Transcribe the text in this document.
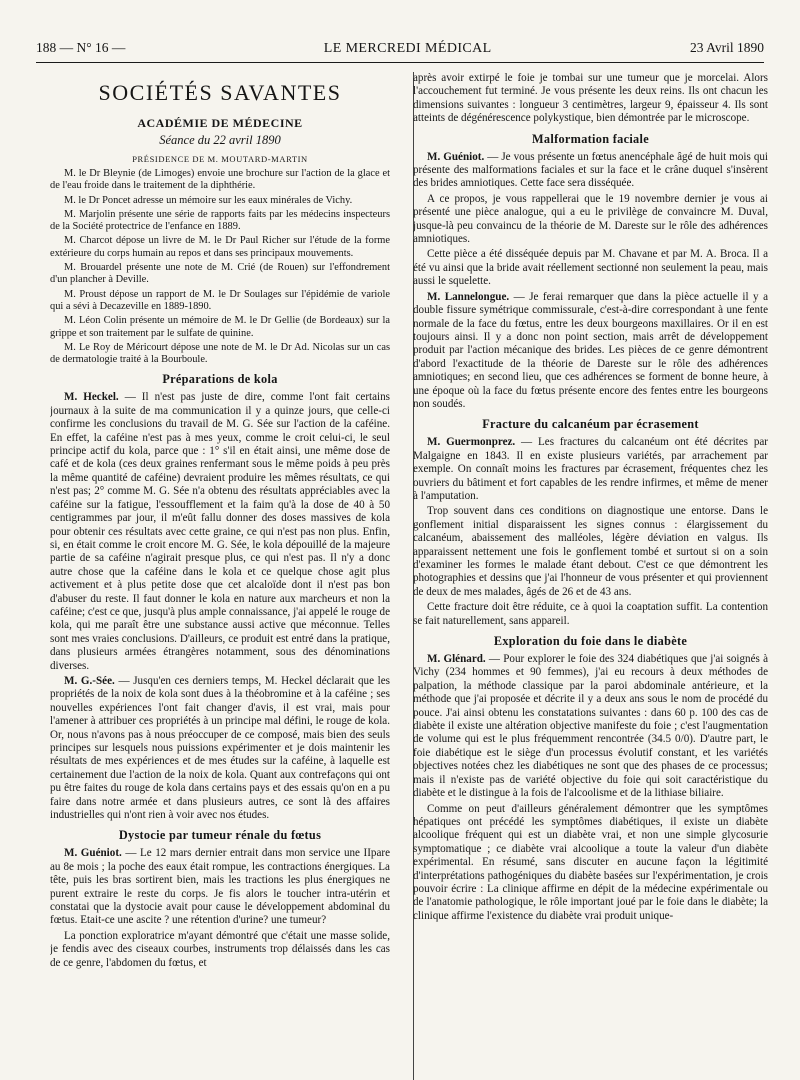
188 — N° 16 —	LE MERCREDI MÉDICAL	23 Avril 1890
SOCIÉTÉS SAVANTES
ACADÉMIE DE MÉDECINE
Séance du 22 avril 1890
PRÉSIDENCE DE M. MOUTARD-MARTIN

M. le Dr Bleynie (de Limoges) envoie une brochure sur l'action de la glace et de l'eau froide dans le traitement de la diphthérie.

M. le Dr Poncet adresse un mémoire sur les eaux minérales de Vichy.

M. Marjolin présente une série de rapports faits par les médecins inspecteurs de la Société protectrice de l'enfance en 1889.

M. Charcot dépose un livre de M. le Dr Paul Richer sur l'étude de la forme extérieure du corps humain au repos et dans ses principaux mouvements.

M. Brouardel présente une note de M. Crié (de Rouen) sur l'effondrement d'un plancher à Deville.

M. Proust dépose un rapport de M. le Dr Soulages sur l'épidémie de variole qui a sévi à Decazeville en 1889-1890.

M. Léon Colin présente un mémoire de M. le Dr Gellie (de Bordeaux) sur la grippe et son traitement par le sulfate de quinine.

M. Le Roy de Méricourt dépose une note de M. le Dr Ad. Nicolas sur un cas de dermatologie traité à la Bourboule.

Préparations de kola

M. Heckel. — Il n'est pas juste de dire, comme l'ont fait certains journaux à la suite de ma communication il y a quinze jours, que celle-ci confirme les conclusions du travail de M. G. Sée sur l'action de la caféine. En effet, la caféine n'est pas à mes yeux, comme le croit celui-ci, le seul principe actif du kola, parce que : 1° s'il en était ainsi, une même dose de café et de kola (ces deux graines renfermant sous le même poids à peu près la même quantité de caféine) devraient produire les mêmes résultats, ce qui n'est pas; 2° comme M. G. Sée n'a obtenu des résultats appréciables avec la caféine sur la fatigue, l'essoufflement et la faim qu'à la dose de 40 à 50 centigrammes par jour, il m'eût fallu donner des doses massives de kola pour obtenir ces résultats avec cette graine, ce qui n'est pas non plus. Enfin, si, en était comme le croit encore M. G. Sée, le kola dépouillé de la majeure partie de sa caféine n'agirait presque plus, ce qui n'est pas. Il n'y a donc autre chose que la caféine dans le kola et ce quelque chose agit plus activement et à plus petite dose que cet alcaloïde dont il n'est pas bon d'abuser du reste. Il faut donner le kola en nature aux marcheurs et non la caféine; c'est ce que, jusqu'à plus ample connaissance, j'ai appelé le rouge de kola, qui me paraît être une substance aussi active que méconnue. Telles sont mes vraies conclusions. D'ailleurs, ce produit est entré dans la pratique, dans plusieurs armées étrangères notamment, sous des dénominations diverses.

M. G.-Sée. — Jusqu'en ces derniers temps, M. Heckel déclarait que les propriétés de la noix de kola sont dues à la théobromine et à la caféine ; ses nouvelles expériences l'ont fait changer d'avis, il est vrai, mais pour l'amener à attribuer ces propriétés à un principe mal défini, le rouge de kola. Or, nous n'avons pas à nous préoccuper de ce composé, mais bien des seuls principes sur lesquels nous puissions expérimenter et je dois maintenir les résultats de mes expériences et de mes études sur la caféine, à laquelle est certainement due l'action de la noix de kola. Quant aux contrefaçons qui ont pu être faites du rouge de kola dans certains pays et des essais qu'on en a pu faire dans notre armée et dans plusieurs autres, ce sont là des affaires industrielles qui n'ont rien à voir avec nos études.

Dystocie par tumeur rénale du fœtus

M. Guéniot. — Le 12 mars dernier entrait dans mon service une IIpare au 8e mois ; la poche des eaux était rompue, les contractions énergiques. La tête, puis les bras sortirent bien, mais les tractions les plus énergiques ne purent extraire le reste du corps. Je fis alors le toucher intra-utérin et constatai que la dystocie avait pour cause le développement abdominal du fœtus. Etait-ce une ascite ? une rétention d'urine? une tumeur?

La ponction exploratrice m'ayant démontré que c'était une masse solide, je fendis avec des ciseaux courbes, instruments trop délaissés dans les cas de ce genre, l'abdomen du fœtus, et

après avoir extirpé le foie je tombai sur une tumeur que je morcelai. Alors l'accouchement fut terminé. Je vous présente les deux reins. Ils ont chacun les dimensions suivantes : longueur 3 centimètres, largeur 9, épaisseur 4. Ils sont atteints de dégénérescence polykystique, bien démontrée par le microscope.

Malformation faciale

M. Guéniot. — Je vous présente un fœtus anencéphale âgé de huit mois qui présente des malformations faciales et sur la face et le crâne duquel s'insèrent des brides amniotiques. Cette face sera disséquée.

A ce propos, je vous rappellerai que le 19 novembre dernier je vous ai présenté une pièce analogue, qui a eu le privilège de convaincre M. Duval, jusque-là peu convaincu de la théorie de M. Dareste sur le rôle des adhérences amniotiques.

Cette pièce a été disséquée depuis par M. Chavane et par M. A. Broca. Il a été vu ainsi que la bride avait réellement sectionné non seulement la peau, mais aussi le squelette.

M. Lannelongue. — Je ferai remarquer que dans la pièce actuelle il y a double fissure symétrique commissurale, c'est-à-dire correspondant à une fente normale de la face du fœtus, entre les deux bourgeons maxillaires. Or il en est toujours ainsi. Il y a donc non point section, mais arrêt de développement produit par l'action mécanique des brides. Les pièces de ce genre démontrent d'abord l'exactitude de la théorie de Dareste sur le rôle des adhérences amniotiques; en second lieu, que ces adhérences se forment de bonne heure, à une époque où la face du fœtus présente encore des fentes entre les bourgeons non soudés.

Fracture du calcanéum par écrasement

M. Guermonprez. — Les fractures du calcanéum ont été décrites par Malgaigne en 1843. Il en existe plusieurs variétés, par arrachement par exemple. On connaît moins les fractures par écrasement, fréquentes chez les ouvriers du bâtiment et fort capables de les rendre infirmes, et même de mener à l'amputation.

Trop souvent dans ces conditions on diagnostique une entorse. Dans le gonflement initial disparaissent les signes connus : élargissement du calcanéum, abaissement des malléoles, légère déviation en valgus. Ils apparaissent nettement une fois le gonflement tombé et surtout si on a soin d'examiner les formes le malade étant debout. C'est ce que démontrent les photographies et dessins que j'ai l'honneur de vous présenter et qui proviennent de deux de mes malades, âgés de 26 et de 43 ans.

Cette fracture doit être réduite, ce à quoi la coaptation suffit. La contention se fait naturellement, sans appareil.

Exploration du foie dans le diabète

M. Glénard. — Pour explorer le foie des 324 diabétiques que j'ai soignés à Vichy (234 hommes et 90 femmes), j'ai eu recours à deux méthodes de palpation, la méthode classique par la paroi abdominale antérieure, et la méthode que j'ai proposée et décrite il y a deux ans sous le nom de procédé du pouce. J'ai ainsi obtenu les constatations suivantes : dans 60 p. 100 des cas de diabète il existe une altération objective manifeste du foie ; c'est l'augmentation de volume qui est le plus fréquemment rencontrée (34.5 0/0). D'autre part, le foie diabétique est le siège d'un processus évolutif constant, et les variétés objectives notées chez les diabétiques ne sont que des phases de ce processus; mais il n'existe pas de variété objective du foie qui soit caractéristique du diabète et le distingue à la fois de l'alcoolisme et de la lithiase biliaire.

Comme on peut d'ailleurs généralement démontrer que les symptômes hépatiques ont précédé les symptômes diabétiques, il existe un diabète alcoolique fréquent qui est un diabète vrai, et non une simple glycosurie symptomatique ; ce diabète vrai alcoolique a toute la valeur d'un diabète expérimental. En résumé, sans discuter en aucune façon la légitimité d'interprétations pathogéniques du diabète basées sur l'expérimentation, je crois pouvoir écrire : La clinique affirme en dépit de la médecine expérimentale ou de l'anatomie pathologique, le rôle important joué par le foie dans le diabète; la clinique affirme l'existence du diabète vrai produit unique-
